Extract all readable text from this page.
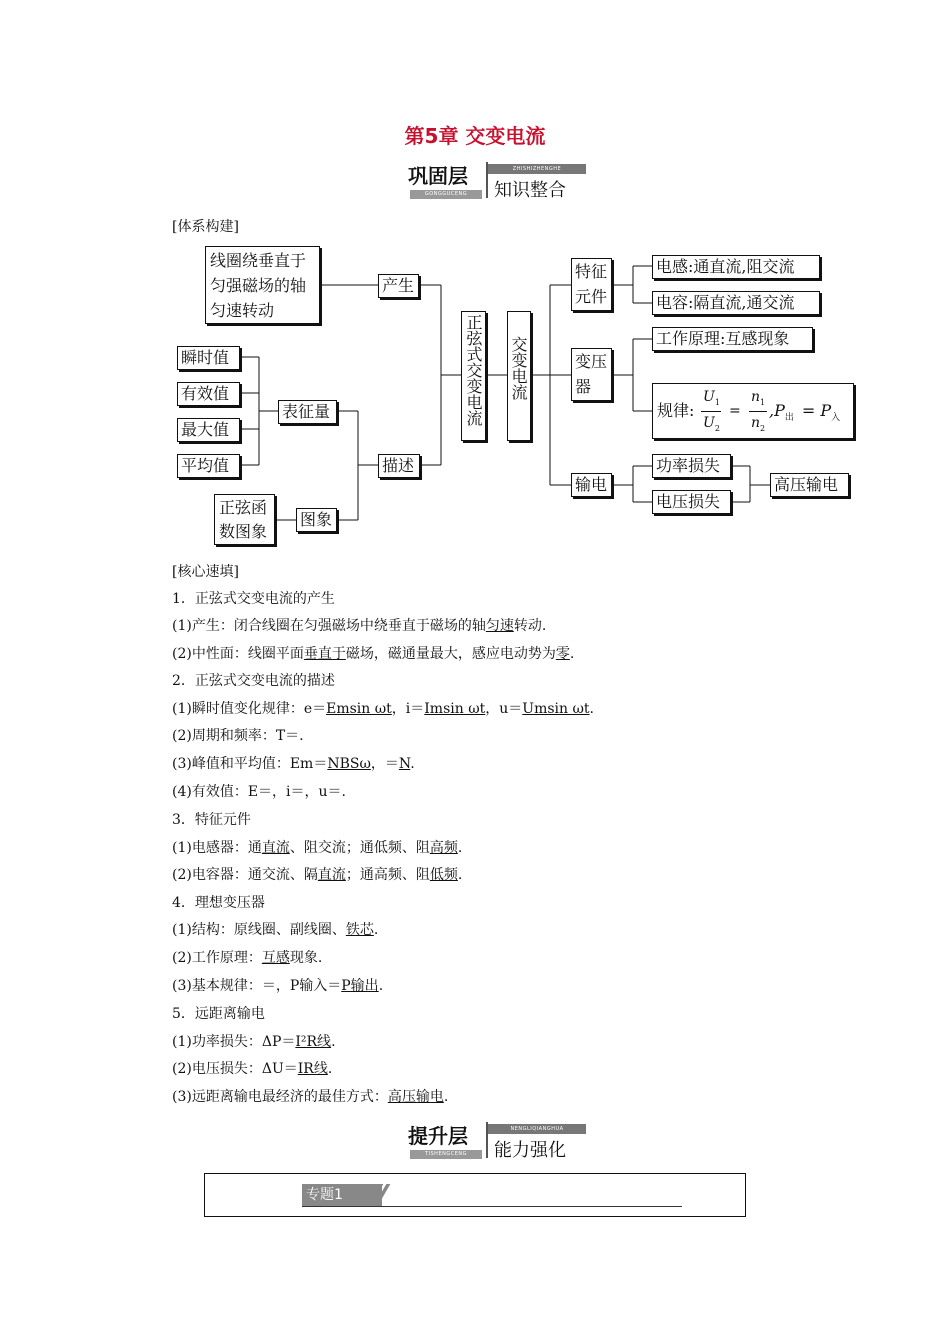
第5章 交变电流
巩固层
GONGGUCENG
ZHISHIZHENGHE
知识整合
[体系构建]
线圈绕垂直于匀强磁场的轴匀速转动
产生
瞬时值
有效值
最大值
平均值
表征量
正弦函数图象
图象
描述
正弦式交变电流 交变电流
特征元件
电感:通直流,阻交流
电容:隔直流,通交流
变压器
工作原理:互感现象
规律:
$U_1$
$U_2$
=
$n_1$
$n_2$
$,P_出 = P_入$
输电
功率损失
电压损失
高压输电
[核心速填]
1．正弦式交变电流的产生
(1)产生：闭合线圈在匀强磁场中绕垂直于磁场的轴匀速转动.
(2)中性面：线圈平面垂直于磁场，磁通量最大，感应电动势为零.
2．正弦式交变电流的描述
(1)瞬时值变化规律：e＝Emsin ωt，i＝Imsin ωt，u＝Umsin ωt.
(2)周期和频率：T＝.
(3)峰值和平均值：Em＝NBSω，＝N.
(4)有效值：E＝，i＝，u＝.
3．特征元件
(1)电感器：通直流、阻交流；通低频、阻高频.
(2)电容器：通交流、隔直流；通高频、阻低频.
4．理想变压器
(1)结构：原线圈、副线圈、铁芯.
(2)工作原理：互感现象.
(3)基本规律：＝，P输入＝P输出.
5．远距离输电
(1)功率损失：ΔP＝I²R线.
(2)电压损失：ΔU＝IR线.
(3)远距离输电最经济的最佳方式：高压输电.
提升层
TISHENGCENG
NENGLIQIANGHUA
能力强化
专题1
